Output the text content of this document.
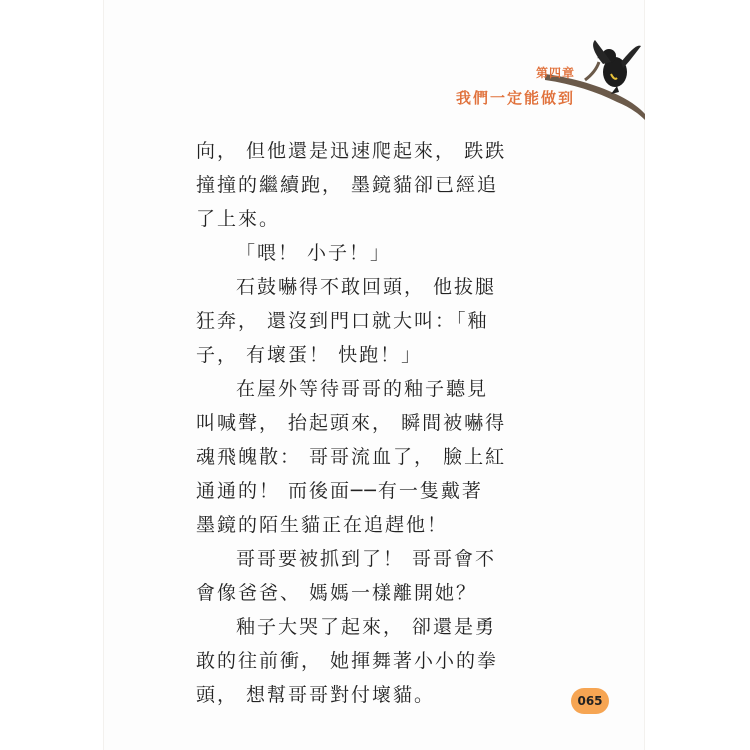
第四章
我們一定能做到
向， 但他還是迅速爬起來， 跌跌
撞撞的繼續跑， 墨鏡貓卻已經追
了上來。
「喂！ 小子！」
石鼓嚇得不敢回頭， 他拔腿
狂奔， 還沒到門口就大叫：「釉
子， 有壞蛋！ 快跑！」
在屋外等待哥哥的釉子聽見
叫喊聲， 抬起頭來， 瞬間被嚇得
魂飛魄散： 哥哥流血了， 臉上紅
通通的！ 而後面──有一隻戴著
墨鏡的陌生貓正在追趕他！
哥哥要被抓到了！ 哥哥會不
會像爸爸、 媽媽一樣離開她？
釉子大哭了起來， 卻還是勇
敢的往前衝， 她揮舞著小小的拳
頭， 想幫哥哥對付壞貓。	065
